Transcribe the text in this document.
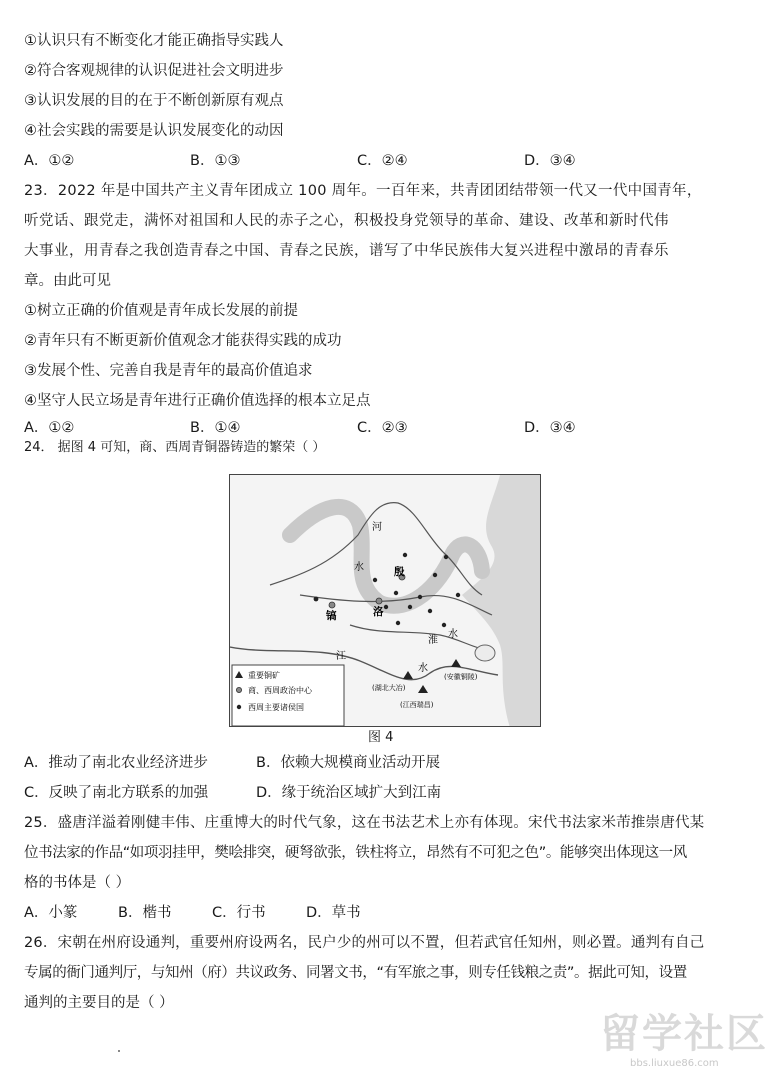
①认识只有不断变化才能正确指导实践人
②符合客观规律的认识促进社会文明进步
③认识发展的目的在于不断创新原有观点
④社会实践的需要是认识发展变化的动因
A．①②	B．①③	C．②④	D．③④
23．2022 年是中国共产主义青年团成立 100 周年。一百年来，共青团团结带领一代又一代中国青年，
听党话、跟党走，满怀对祖国和人民的赤子之心，积极投身党领导的革命、建设、改革和新时代伟
大事业，用青春之我创造青春之中国、青春之民族，谱写了中华民族伟大复兴进程中激昂的青春乐
章。由此可见
①树立正确的价值观是青年成长发展的前提
②青年只有不断更新价值观念才能获得实践的成功
③发展个性、完善自我是青年的最高价值追求
④坚守人民立场是青年进行正确价值选择的根本立足点
A．①②	B．①④	C．②③	D．③④
24． 据图 4 可知，商、西周青铜器铸造的繁荣（ ）
河
水	殷
镐	洛
淮
水
江
水
(湖北大冶)
(江西瑞昌)
(安徽铜陵)
重要铜矿
商、西周政治中心
西周主要诸侯国
图 4
A．推动了南北农业经济进步	B．依赖大规模商业活动开展
C．反映了南北方联系的加强	D．缘于统治区域扩大到江南
25．盛唐洋溢着刚健丰伟、庄重博大的时代气象，这在书法艺术上亦有体现。宋代书法家米芾推崇唐代某
位书法家的作品“如项羽挂甲，樊哙排突，硬弩欲张，铁柱将立，昂然有不可犯之色”。能够突出体现这一风
格的书体是（ ）
A．小篆	B．楷书	C．行书	D．草书
26．宋朝在州府设通判，重要州府设两名，民户少的州可以不置，但若武官任知州，则必置。通判有自己
专属的衙门通判厅，与知州（府）共议政务、同署文书，“有军旅之事，则专任钱粮之责”。据此可知，设置
通判的主要目的是（ ）
留学社区
bbs.liuxue86.com
